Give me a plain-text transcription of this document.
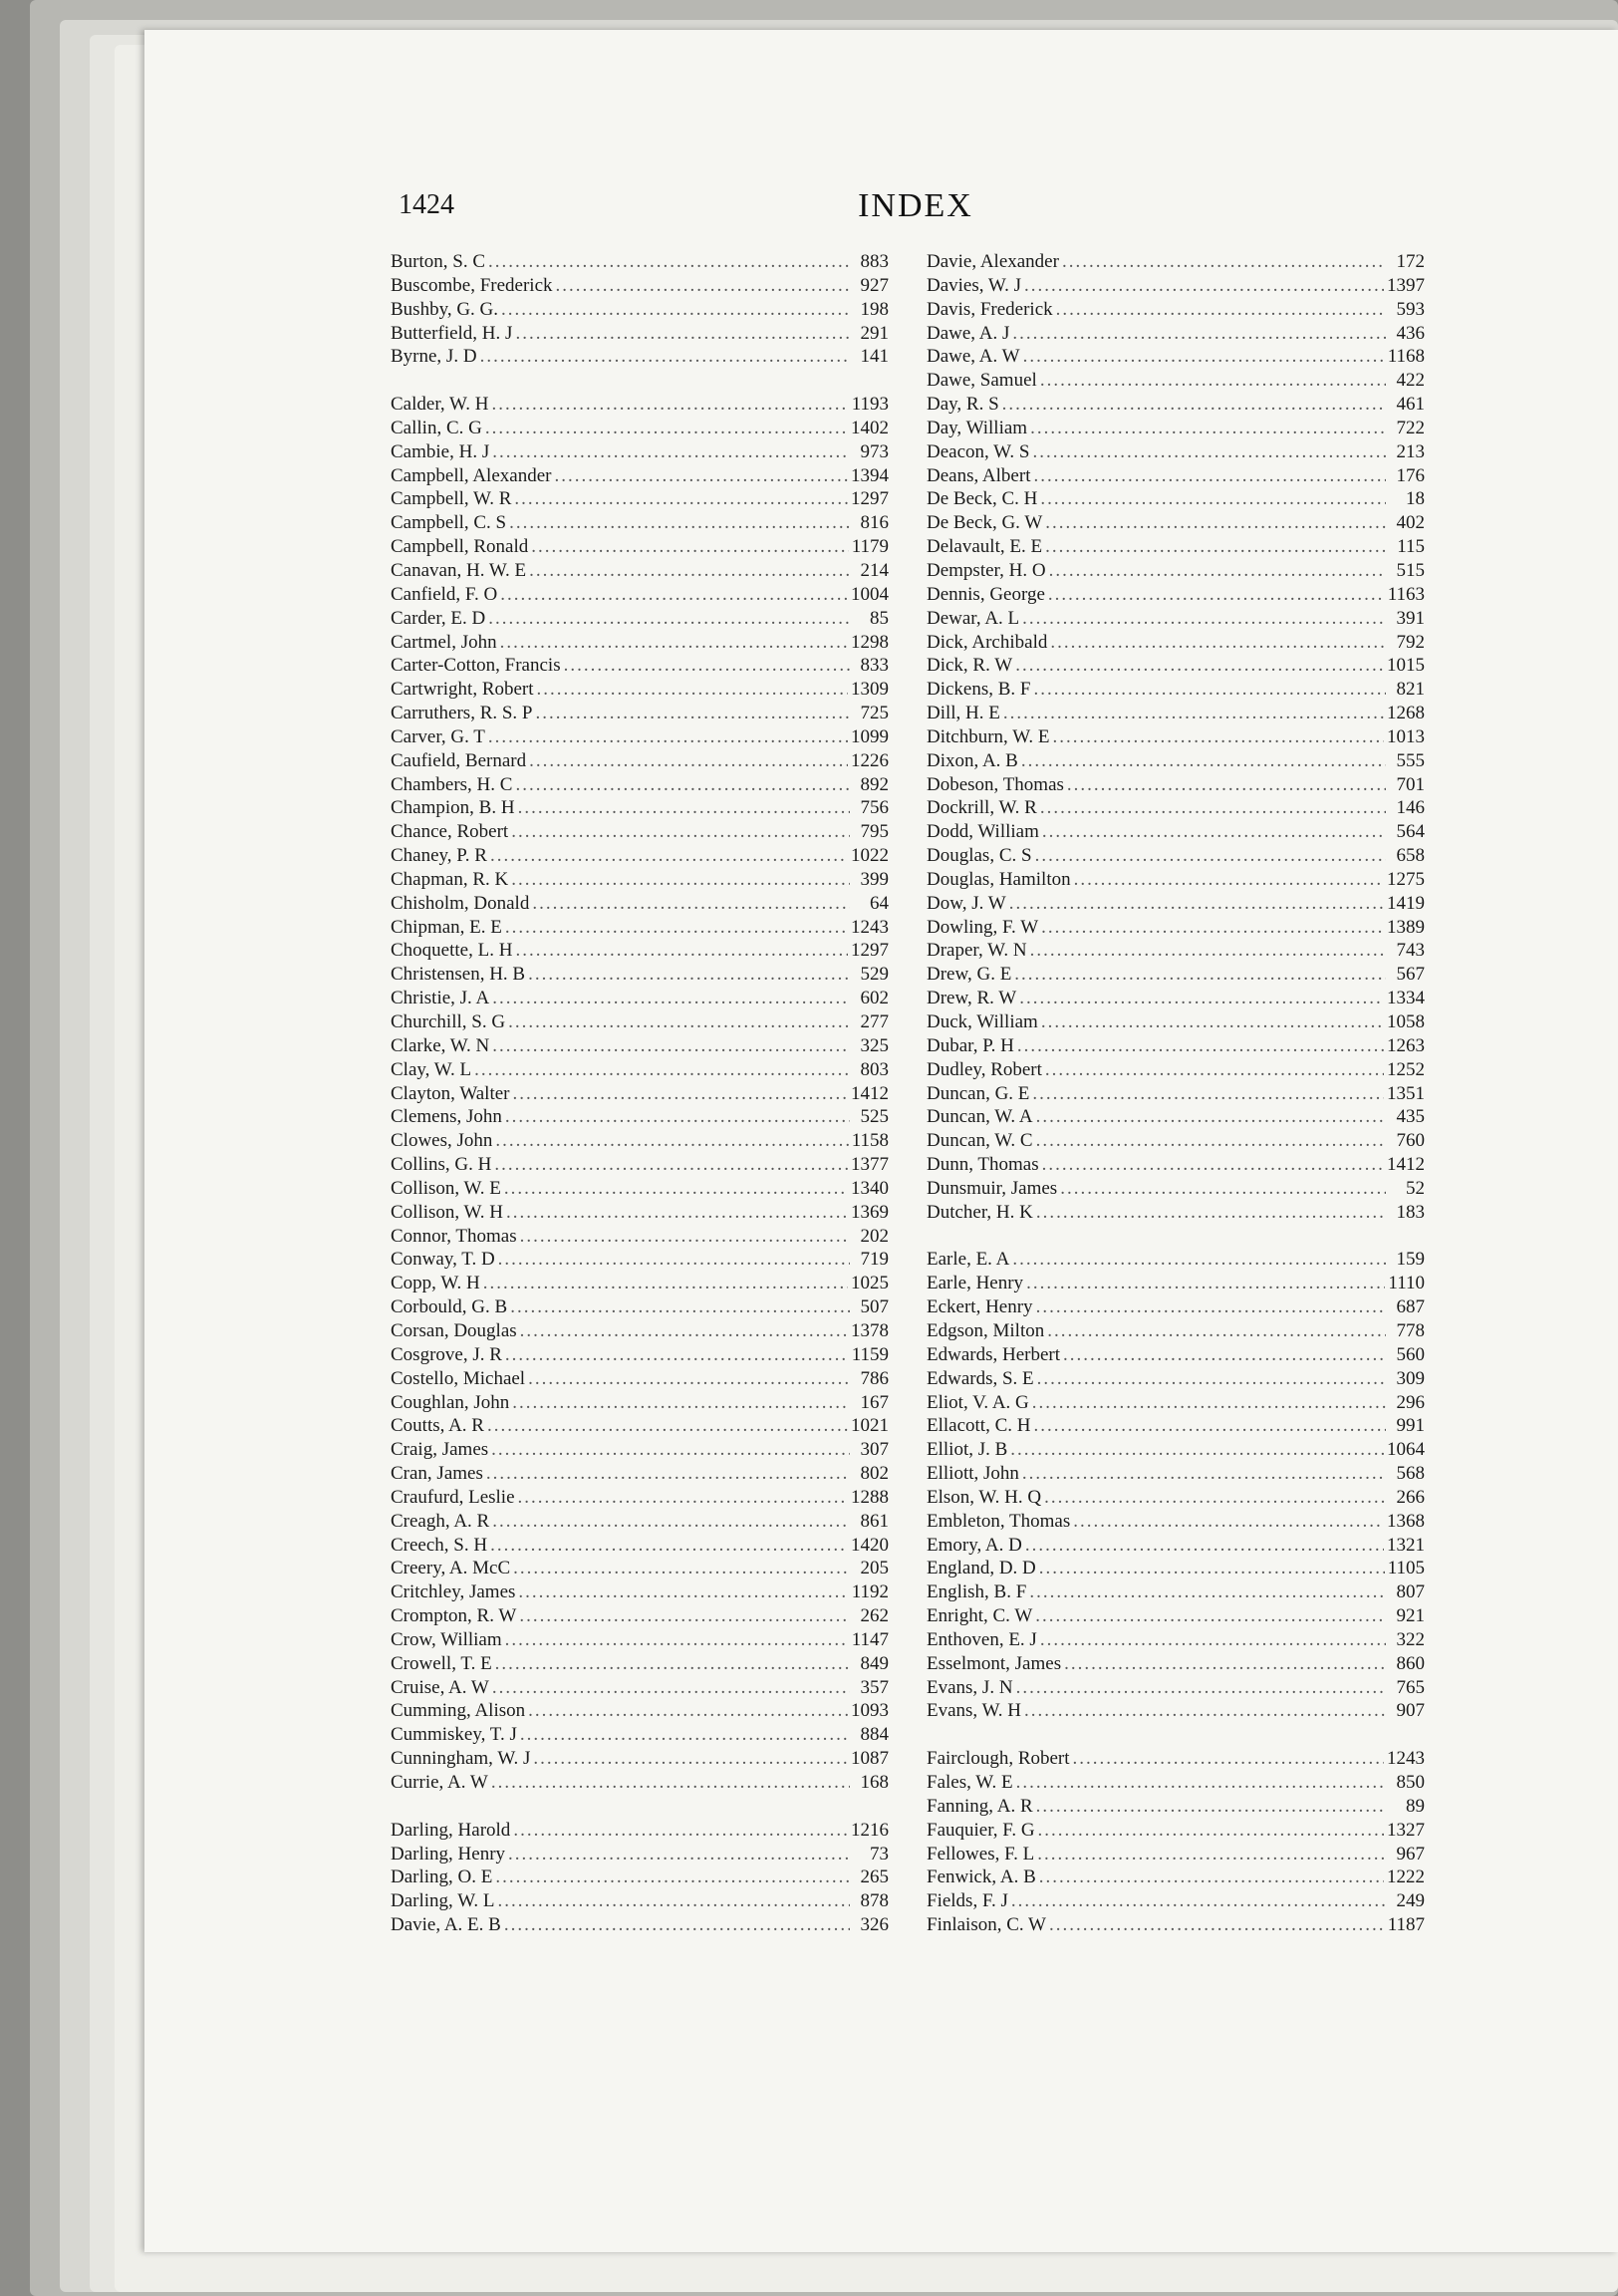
1424	INDEX
Burton, S. C .....	883
Buscombe, Frederick .....	927
Bushby, G. G. .....	198
Butterfield, H. J .....	291
Byrne, J. D .....	141
Calder, W. H .....	1193
Callin, C. G .....	1402
Cambie, H. J .....	973
Campbell, Alexander .....	1394
Campbell, W. R .....	1297
Campbell, C. S .....	816
Campbell, Ronald .....	1179
Canavan, H. W. E .....	214
Canfield, F. O .....	1004
Carder, E. D .....	85
Cartmel, John .....	1298
Carter-Cotton, Francis .....	833
Cartwright, Robert .....	1309
Carruthers, R. S. P .....	725
Carver, G. T .....	1099
Caufield, Bernard .....	1226
Chambers, H. C .....	892
Champion, B. H .....	756
Chance, Robert .....	795
Chaney, P. R .....	1022
Chapman, R. K .....	399
Chisholm, Donald .....	64
Chipman, E. E .....	1243
Choquette, L. H .....	1297
Christensen, H. B .....	529
Christie, J. A .....	602
Churchill, S. G .....	277
Clarke, W. N .....	325
Clay, W. L .....	803
Clayton, Walter .....	1412
Clemens, John .....	525
Clowes, John .....	1158
Collins, G. H .....	1377
Collison, W. E .....	1340
Collison, W. H .....	1369
Connor, Thomas .....	202
Conway, T. D .....	719
Copp, W. H .....	1025
Corbould, G. B .....	507
Corsan, Douglas .....	1378
Cosgrove, J. R .....	1159
Costello, Michael .....	786
Coughlan, John .....	167
Coutts, A. R .....	1021
Craig, James .....	307
Cran, James .....	802
Craufurd, Leslie .....	1288
Creagh, A. R .....	861
Creech, S. H .....	1420
Creery, A. McC .....	205
Critchley, James .....	1192
Crompton, R. W .....	262
Crow, William .....	1147
Crowell, T. E .....	849
Cruise, A. W .....	357
Cumming, Alison .....	1093
Cummiskey, T. J .....	884
Cunningham, W. J .....	1087
Currie, A. W .....	168
Darling, Harold .....	1216
Darling, Henry .....	73
Darling, O. E .....	265
Darling, W. L .....	878
Davie, A. E. B .....	326
Davie, Alexander .....	172
Davies, W. J .....	1397
Davis, Frederick .....	593
Dawe, A. J .....	436
Dawe, A. W .....	1168
Dawe, Samuel .....	422
Day, R. S .....	461
Day, William .....	722
Deacon, W. S .....	213
Deans, Albert .....	176
De Beck, C. H .....	18
De Beck, G. W .....	402
Delavault, E. E .....	115
Dempster, H. O .....	515
Dennis, George .....	1163
Dewar, A. L .....	391
Dick, Archibald .....	792
Dick, R. W .....	1015
Dickens, B. F .....	821
Dill, H. E .....	1268
Ditchburn, W. E .....	1013
Dixon, A. B .....	555
Dobeson, Thomas .....	701
Dockrill, W. R .....	146
Dodd, William .....	564
Douglas, C. S .....	658
Douglas, Hamilton .....	1275
Dow, J. W .....	1419
Dowling, F. W .....	1389
Draper, W. N .....	743
Drew, G. E .....	567
Drew, R. W .....	1334
Duck, William .....	1058
Dubar, P. H .....	1263
Dudley, Robert .....	1252
Duncan, G. E .....	1351
Duncan, W. A .....	435
Duncan, W. C .....	760
Dunn, Thomas .....	1412
Dunsmuir, James .....	52
Dutcher, H. K .....	183
Earle, E. A .....	159
Earle, Henry .....	1110
Eckert, Henry .....	687
Edgson, Milton .....	778
Edwards, Herbert .....	560
Edwards, S. E .....	309
Eliot, V. A. G .....	296
Ellacott, C. H .....	991
Elliot, J. B .....	1064
Elliott, John .....	568
Elson, W. H. Q .....	266
Embleton, Thomas .....	1368
Emory, A. D .....	1321
England, D. D .....	1105
English, B. F .....	807
Enright, C. W .....	921
Enthoven, E. J .....	322
Esselmont, James .....	860
Evans, J. N .....	765
Evans, W. H .....	907
Fairclough, Robert .....	1243
Fales, W. E .....	850
Fanning, A. R .....	89
Fauquier, F. G .....	1327
Fellowes, F. L .....	967
Fenwick, A. B .....	1222
Fields, F. J .....	249
Finlaison, C. W .....	1187
